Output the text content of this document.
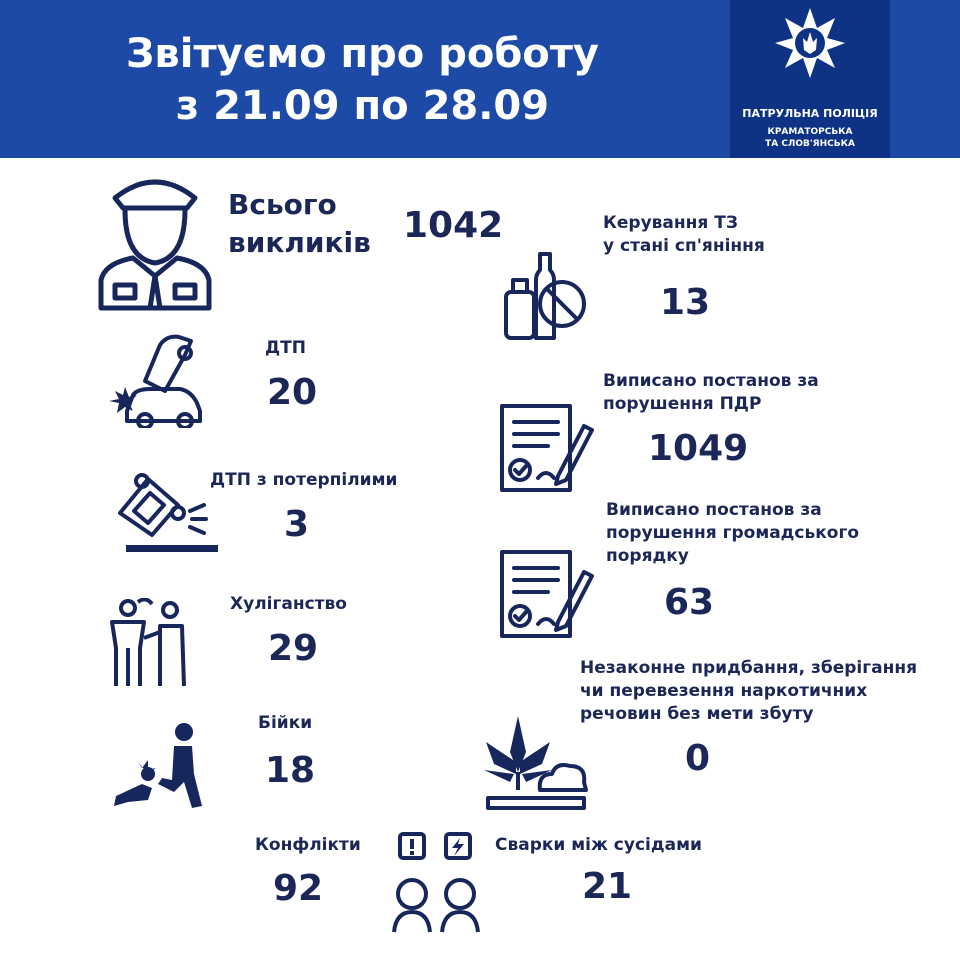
Звітуємо про роботу
з 21.09 по 28.09	ПАТРУЛЬНА ПОЛІЦІЯ
КРАМАТОРСЬКА
ТА СЛОВ'ЯНСЬКА
Всього
викликів 1042	Керування ТЗ
у стані сп'яніння
13
ДТП
20	Виписано постанов за
порушення ПДР
1049
ДТП з потерпілими
3	Виписано постанов за
порушення громадського
порядку
63
Хуліганство
29	Незаконне придбання, зберігання
чи перевезення наркотичних
речовин без мети збуту
0
Бійки
18
Конфлікти
92
Сварки між сусідами
21
